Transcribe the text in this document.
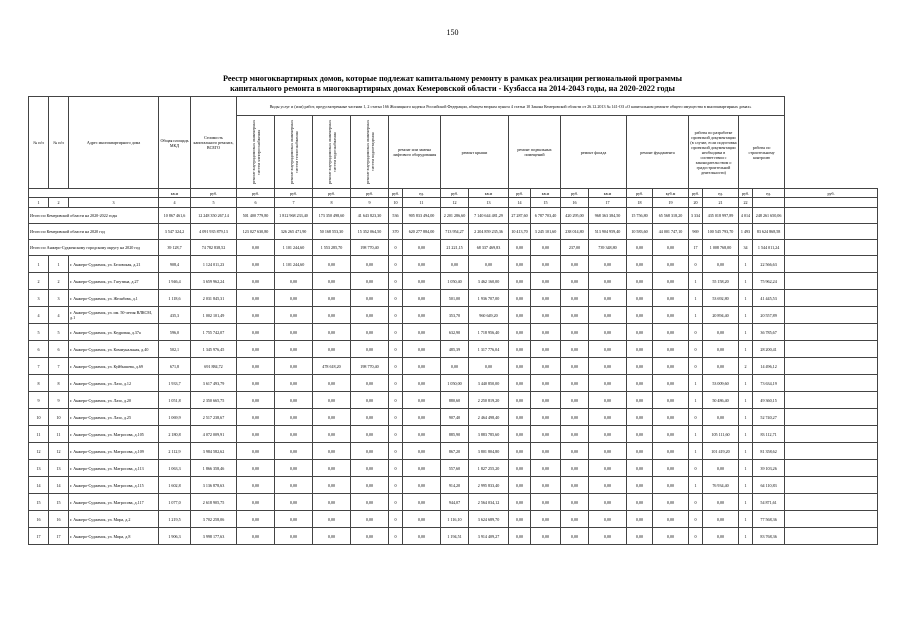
150
Реестр многоквартирных домов, которые подлежат капитальному ремонту в рамках реализации региональной программы
капитального ремонта в многоквартирных домах Кемеровской области - Кузбасса на 2014-2043 годы, на 2020-2022 годы
№ п/п	№ п/п	Адрес многоквартирного дома	Общая площадь МКД	Стоимость капитального ремонта, ВСЕГО	Виды услуг и (или) работ, предусмотренные частями 1, 2 статьи 166 Жилищного кодекса Российской Федерации, абзацем вторым пункта 4 статьи 10 Закона Кемеровской области от 26.12.2013 № 141-ОЗ «О капитальном ремонте общего имущества в многоквартирных домах»																		
					ремонт внутридомовых инженерных систем электроснабжения	ремонт внутридомовых инженерных систем теплоснабжения	ремонт внутридомовых инженерных систем водоснабжения	ремонт внутридомовых инженерных систем водоотведения	ремонт или замена лифтового оборудования		ремонт крыши		ремонт подвальных помещений		ремонт фасада		ремонт фундамента		работы по разработке проектной документации (в случае, если подготовка проектной документации необходима в соответствии с законодательством о градостроительной деятельности)		работы по строительному контролю		
			кв.м	руб.	руб.	руб.	руб.	руб.	руб.	ед.	руб.	кв.м	руб.	кв.м	руб.	кв.м	руб.	куб.м	руб.	ед.	руб.	ед.	руб.
1	2	3	4	5	6	7	8	9	10	11	12	13	14	15	16	17	18	19	20	21	22		
Итого по Кемеровской области на 2020-2022 годы			10 867 461,6	12 248 350 267,14	501 400 779,80	1 812 968 233,40	173 350 498,60	41 643 823,30	536	905 833 494,00	2 201 286,60	7 140 644 481,29	27 287,60	6 787 703,40	420 295,00	968 363 384,50	15 756,80	65 568 318,20	3 334	435 018 997,89	4 014	248 261 650,06	
Итого по Кемеровской области на 2020 год			3 547 324,2	4 091 935 879,13	123 027 630,80	326 265 471,90	50 168 553,30	15 352 064,50	370	620 277 884,00	713 954,27	2 204 859 235,36	10 413,70	3 245 101,60	238 014,80	513 904 959,40	10 583,60	44 001 747,10	969	100 545 793,70	1 493	83 624 868,58	
Итого по Анжеро-Судженскому городскому округу на 2020 год			39 128,7	74 782 838,52	0,00	1 101 244,60	1 553 285,70	198 770,40	0	0,00	21 221,15	68 337 469,83	0,00	0,00	237,00	739 348,80	0,00	0,00	17	1 008 768,00	34	1 544 011,24	
1	1	г. Анжеро-Судженск, ул. Беловская, д.21	908,4	1 124 011,23	0,00	1 101 244,60	0,00	0,00	0	0,00	0,00	0,00	0,00	0,00	0,00	0,00	0,00	0,00	0	0,00	1	22 566,63	
2	2	г. Анжеро-Судженск, ул. Гагутина, д.27	1 946,4	3 659 962,24	0,00	0,00	0,00	0,00	0	0,00	1 050,40	3 462 160,00	0,00	0,00	0,00	0,00	0,00	0,00	1	55 158,20	1	75 962,24	
3	3	г. Анжеро-Судженск, ул. Желябова, д.1	1 118,6	2 031 845,31	0,00	0,00	0,00	0,00	0	0,00	501,00	1 936 707,00	0,00	0,00	0,00	0,00	0,00	0,00	1	53 692,80	1	41 445,53	
4	4	г. Анжеро-Судженск, ул. им. 50-летия ВЛКСМ, д.1	435,3	1 002 101,49	0,00	0,00	0,00	0,00	0	0,00	353,70	960 649,20	0,00	0,00	0,00	0,00	0,00	0,00	1	20 894,40	1	20 557,89	
5	5	г. Анжеро-Судженск, ул. Кедровая, д.37а	596,0	1 755 742,07	0,00	0,00	0,00	0,00	0	0,00	632,90	1 718 956,40	0,00	0,00	0,00	0,00	0,00	0,00	0	0,00	1	36 785,67	
6	6	г. Анжеро-Судженск, ул. Коммунальная, д.40	502,1	1 345 976,45	0,00	0,00	0,00	0,00	0	0,00	485,39	1 317 776,04	0,00	0,00	0,00	0,00	0,00	0,00	0	0,00	1	28 200,41	
7	7	г. Анжеро-Судженск, ул. Куйбышева, д.69	671,8	691 884,72	0,00	0,00	478 618,20	198 770,40	0	0,00	0,00	0,00	0,00	0,00	0,00	0,00	0,00	0,00	0	0,00	2	14 496,12	
8	8	г. Анжеро-Судженск, ул. Лазо, д.12	1 933,7	3 617 493,79	0,00	0,00	0,00	0,00	0	0,00	1 050,00	3 440 850,00	0,00	0,00	0,00	0,00	0,00	0,00	1	53 009,60	1	73 634,19	
9	9	г. Анжеро-Судженск, ул. Лазо, д.20	1 051,8	2 350 665,75	0,00	0,00	0,00	0,00	0	0,00	880,60	2 250 819,20	0,00	0,00	0,00	0,00	0,00	0,00	1	50 486,40	1	49 360,15	
10	10	г. Анжеро-Судженск, ул. Лазо, д.25	1 069,9	2 517 238,67	0,00	0,00	0,00	0,00	0	0,00	907,40	2 464 498,40	0,00	0,00	0,00	0,00	0,00	0,00	0	0,00	1	52 740,27	
11	11	г. Анжеро-Судженск, ул. Матросова, д.105	2 180,8	4 072 009,91	0,00	0,00	0,00	0,00	0	0,00	885,90	3 883 785,60	0,00	0,00	0,00	0,00	0,00	0,00	1	105 111,60	1	83 112,71	
12	12	г. Анжеро-Судженск, ул. Матросова, д.109	2 112,9	3 984 582,62	0,00	0,00	0,00	0,00	0	0,00	867,20	3 801 804,80	0,00	0,00	0,00	0,00	0,00	0,00	1	101 419,20	1	81 358,62	
13	13	г. Анжеро-Судженск, ул. Матросова, д.113	1 063,3	1 866 358,46	0,00	0,00	0,00	0,00	0	0,00	557,60	1 827 255,20	0,00	0,00	0,00	0,00	0,00	0,00	0	0,00	1	39 103,26	
14	14	г. Анжеро-Судженск, ул. Матросова, д.115	1 602,8	3 136 878,63	0,00	0,00	0,00	0,00	0	0,00	914,20	2 995 833,40	0,00	0,00	0,00	0,00	0,00	0,00	1	76 934,40	1	64 110,83	
15	15	г. Анжеро-Судженск, ул. Матросова, д.117	1 077,0	2 618 905,75	0,00	0,00	0,00	0,00	0	0,00	944,07	2 564 034,12	0,00	0,00	0,00	0,00	0,00	0,00	0	0,00	1	54 871,61	
16	16	г. Анжеро-Судженск, ул. Мира, д.2	1 219,5	3 702 258,06	0,00	0,00	0,00	0,00	0	0,00	1 116,10	3 624 689,70	0,00	0,00	0,00	0,00	0,00	0,00	0	0,00	1	77 568,36	
17	17	г. Анжеро-Судженск, ул. Мира, д.8	1 906,3	3 998 177,63	0,00	0,00	0,00	0,00	0	0,00	1 194,51	3 914 409,27	0,00	0,00	0,00	0,00	0,00	0,00	0	0,00	1	83 768,36	
